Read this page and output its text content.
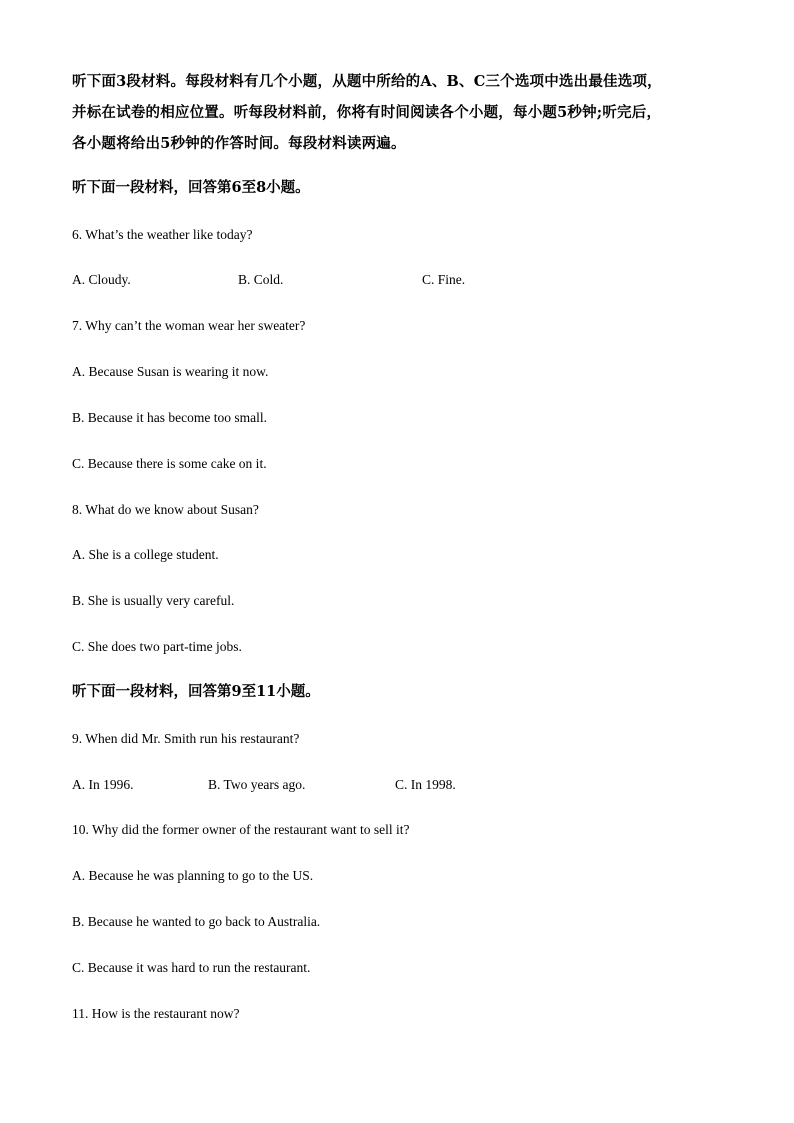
听下面3段材料。每段材料有几个小题，从题中所给的A、B、C三个选项中选出最佳选项，

并标在试卷的相应位置。听每段材料前，你将有时间阅读各个小题，每小题5秒钟;听完后，

各小题将给出5秒钟的作答时间。每段材料读两遍。

听下面一段材料，回答第6至8小题。
6. What’s the weather like today?
A. Cloudy.	B. Cold.	C. Fine.
7. Why can’t the woman wear her sweater?
A. Because Susan is wearing it now.
B. Because it has become too small.
C. Because there is some cake on it.
8. What do we know about Susan?
A. She is a college student.
B. She is usually very careful.
C. She does two part-time jobs.
听下面一段材料，回答第9至11小题。
9. When did Mr. Smith run his restaurant?
A. In 1996.	B. Two years ago.	C. In 1998.
10. Why did the former owner of the restaurant want to sell it?
A. Because he was planning to go to the US.
B. Because he wanted to go back to Australia.
C. Because it was hard to run the restaurant.
11. How is the restaurant now?
